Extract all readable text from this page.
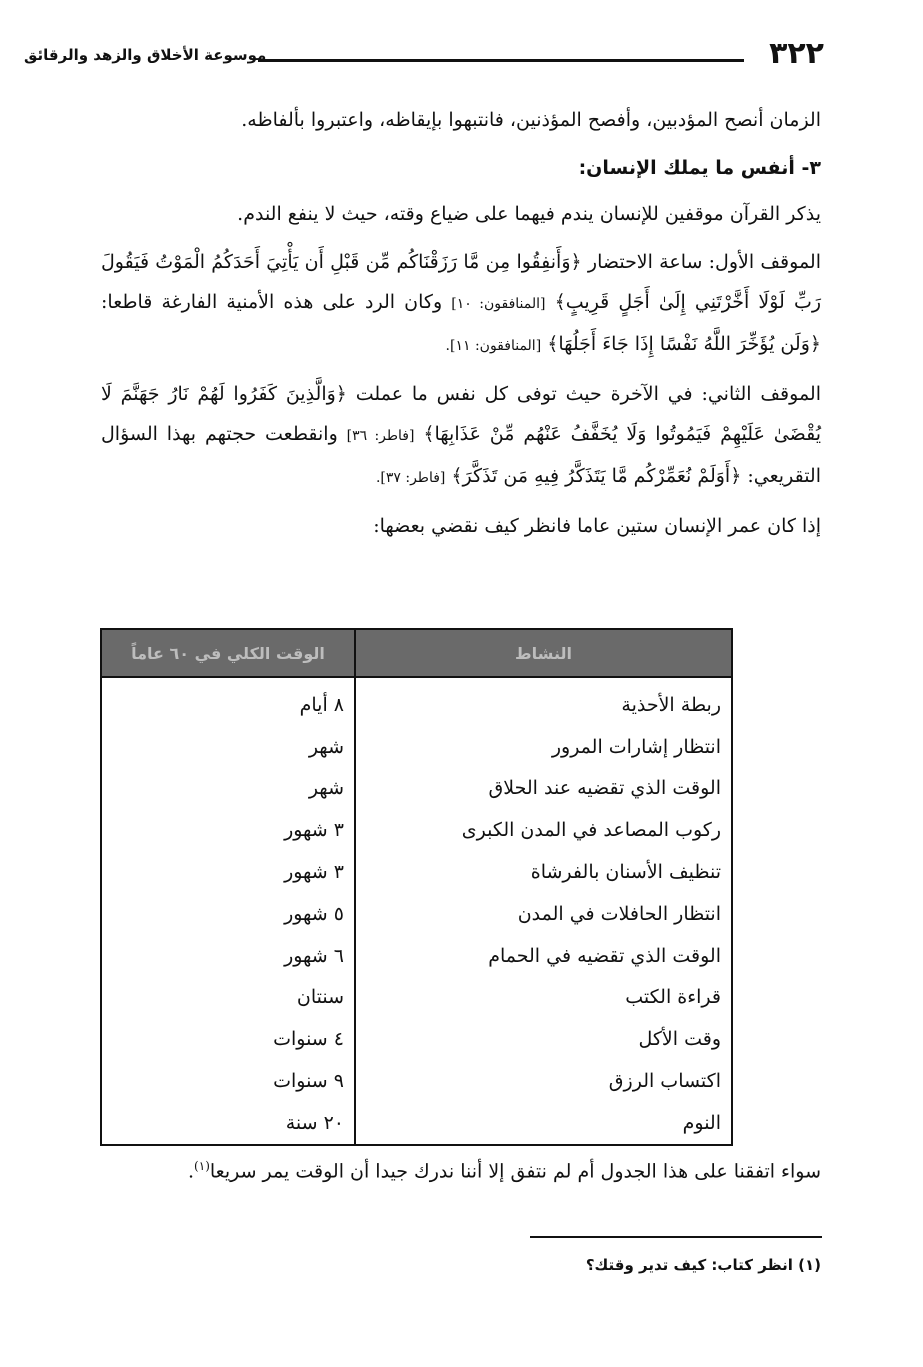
٣٢٢
موسوعة الأخلاق والزهد والرقائق

الزمان أنصح المؤدبين، وأفصح المؤذنين، فانتبهوا بإيقاظه، واعتبروا بألفاظه.

٣- أنفس ما يملك الإنسان:

يذكر القرآن موقفين للإنسان يندم فيهما على ضياع وقته، حيث لا ينفع الندم.

الموقف الأول: ساعة الاحتضار ﴿وَأَنفِقُوا مِن مَّا رَزَقْنَاكُم مِّن قَبْلِ أَن يَأْتِيَ أَحَدَكُمُ الْمَوْتُ فَيَقُولَ رَبِّ لَوْلَا أَخَّرْتَنِي إِلَىٰ أَجَلٍ قَرِيبٍ﴾ [المنافقون: ١٠] وكان الرد على هذه الأمنية الفارغة قاطعا: ﴿وَلَن يُؤَخِّرَ اللَّهُ نَفْسًا إِذَا جَاءَ أَجَلُهَا﴾ [المنافقون: ١١].

الموقف الثاني: في الآخرة حيث توفى كل نفس ما عملت ﴿وَالَّذِينَ كَفَرُوا لَهُمْ نَارُ جَهَنَّمَ لَا يُقْضَىٰ عَلَيْهِمْ فَيَمُوتُوا وَلَا يُخَفَّفُ عَنْهُم مِّنْ عَذَابِهَا﴾ [فاطر: ٣٦] وانقطعت حجتهم بهذا السؤال التقريعي: ﴿أَوَلَمْ نُعَمِّرْكُم مَّا يَتَذَكَّرُ فِيهِ مَن تَذَكَّرَ﴾ [فاطر: ٣٧].

إذا كان عمر الإنسان ستين عاما فانظر كيف نقضي بعضها:

النشاط	الوقت الكلي في ٦٠ عاماً
ربطة الأحذية	٨ أيام
انتظار إشارات المرور	شهر
الوقت الذي تقضيه عند الحلاق	شهر
ركوب المصاعد في المدن الكبرى	٣ شهور
تنظيف الأسنان بالفرشاة	٣ شهور
انتظار الحافلات في المدن	٥ شهور
الوقت الذي تقضيه في الحمام	٦ شهور
قراءة الكتب	سنتان
وقت الأكل	٤ سنوات
اكتساب الرزق	٩ سنوات
النوم	٢٠ سنة
سواء اتفقنا على هذا الجدول أم لم نتفق إلا أننا ندرك جيدا أن الوقت يمر سريعا$^{(١)}$.
(١) انظر كتاب: كيف تدير وقتك؟
